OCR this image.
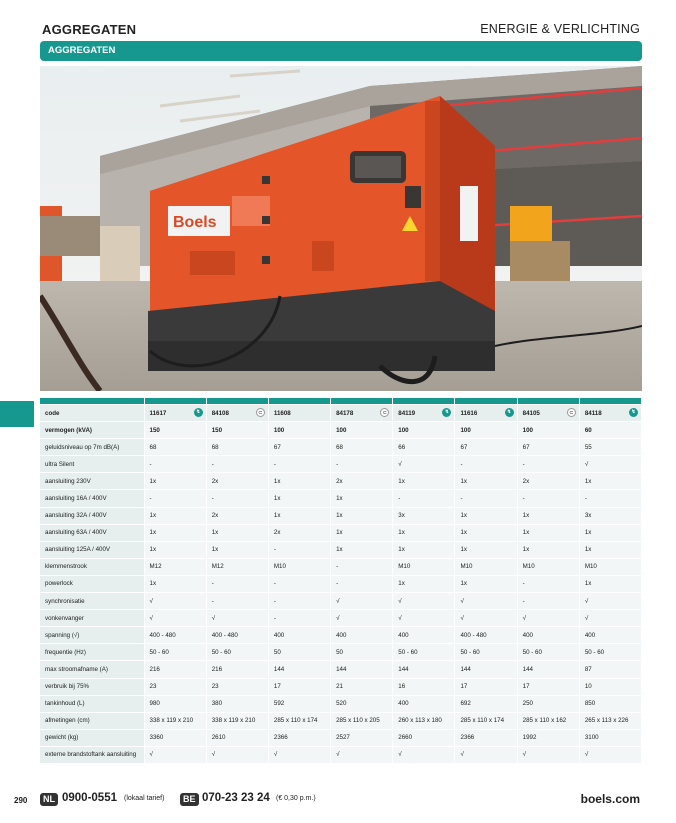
AGGREGATEN	ENERGIE & VERLICHTING
AGGREGATEN
Boels

code	11617 ↯	84108 ⊂	11608	84178 ⊂	84119 ↯	11616 ↯	84105 ⊂	84118 ↯

vermogen (kVA)	150	150	100	100	100	100	100	60
geluidsniveau op 7m dB(A)	68	68	67	68	66	67	67	55
ultra Silent	-	-	-	-	√	-	-	√
aansluiting 230V	1x	2x	1x	2x	1x	1x	2x	1x
aansluiting 16A / 400V	-	-	1x	1x	-	-	-	-
aansluiting 32A / 400V	1x	2x	1x	1x	3x	1x	1x	3x
aansluiting 63A / 400V	1x	1x	2x	1x	1x	1x	1x	1x
aansluiting 125A / 400V	1x	1x	-	1x	1x	1x	1x	1x
klemmenstrook	M12	M12	M10	-	M10	M10	M10	M10
powerlock	1x	-	-	-	1x	1x	-	1x
synchronisatie	√	-	-	√	√	√	-	√
vonkenvanger	√	√	-	√	√	√	√	√
spanning (√)	400 - 480	400 - 480	400	400	400	400 - 480	400	400
frequentie (Hz)	50 - 60	50 - 60	50	50	50 - 60	50 - 60	50 - 60	50 - 60
max stroomafname (A)	216	216	144	144	144	144	144	87
verbruik bij 75%	23	23	17	21	16	17	17	10
tankinhoud (L)	980	380	592	520	400	692	250	850
afmetingen (cm)	338 x 119 x 210	338 x 119 x 210	285 x 110 x 174	285 x 110 x 205	260 x 113 x 180	285 x 110 x 174	285 x 110 x 162	265 x 113 x 226
gewicht (kg)	3360	2610	2366	2527	2660	2366	1992	3100
externe brandstoftank aansluiting	√	√	√	√	√	√	√	√
290	NL 0900-0551 (lokaal tarief)	BE 070-23 23 24 (€ 0,30 p.m.)	boels.com
